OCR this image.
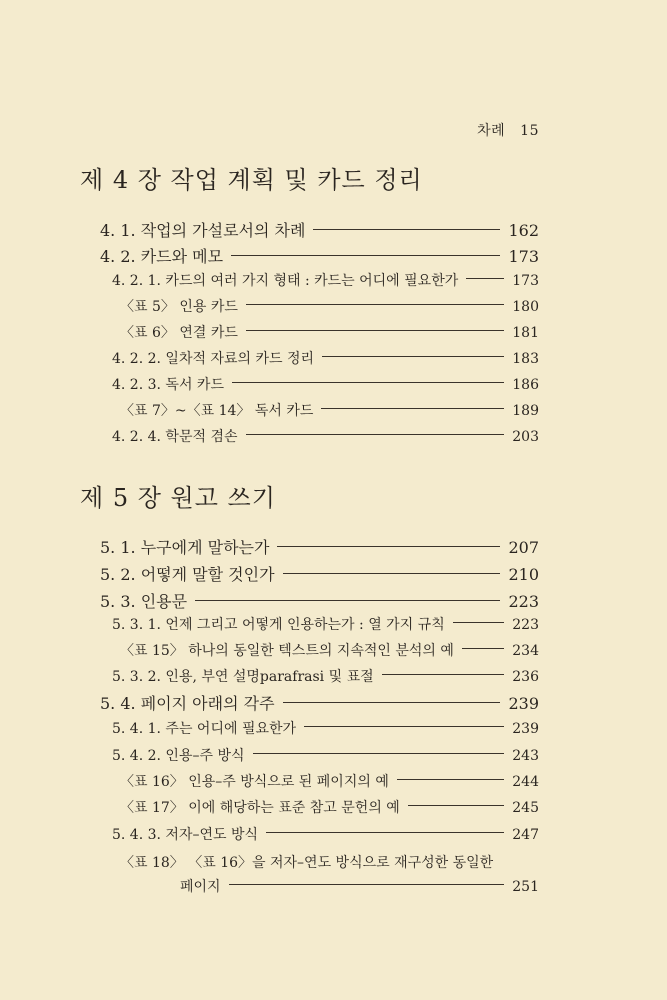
차례 15
제 4 장 작업 계획 및 카드 정리
4. 1. 작업의 가설로서의 차례	162
4. 2. 카드와 메모	173
4. 2. 1. 카드의 여러 가지 형태 : 카드는 어디에 필요한가	173
〈표 5〉 인용 카드	180
〈표 6〉 연결 카드	181
4. 2. 2. 일차적 자료의 카드 정리	183
4. 2. 3. 독서 카드	186
〈표 7〉~〈표 14〉 독서 카드	189
4. 2. 4. 학문적 겸손	203
제 5 장 원고 쓰기
5. 1. 누구에게 말하는가	207
5. 2. 어떻게 말할 것인가	210
5. 3. 인용문	223
5. 3. 1. 언제 그리고 어떻게 인용하는가 : 열 가지 규칙	223
〈표 15〉 하나의 동일한 텍스트의 지속적인 분석의 예	234
5. 3. 2. 인용, 부연 설명parafrasi 및 표절	236
5. 4. 페이지 아래의 각주	239
5. 4. 1. 주는 어디에 필요한가	239
5. 4. 2. 인용–주 방식	243
〈표 16〉 인용–주 방식으로 된 페이지의 예	244
〈표 17〉 이에 해당하는 표준 참고 문헌의 예	245
5. 4. 3. 저자–연도 방식	247
〈표 18〉 〈표 16〉을 저자–연도 방식으로 재구성한 동일한
페이지	251
